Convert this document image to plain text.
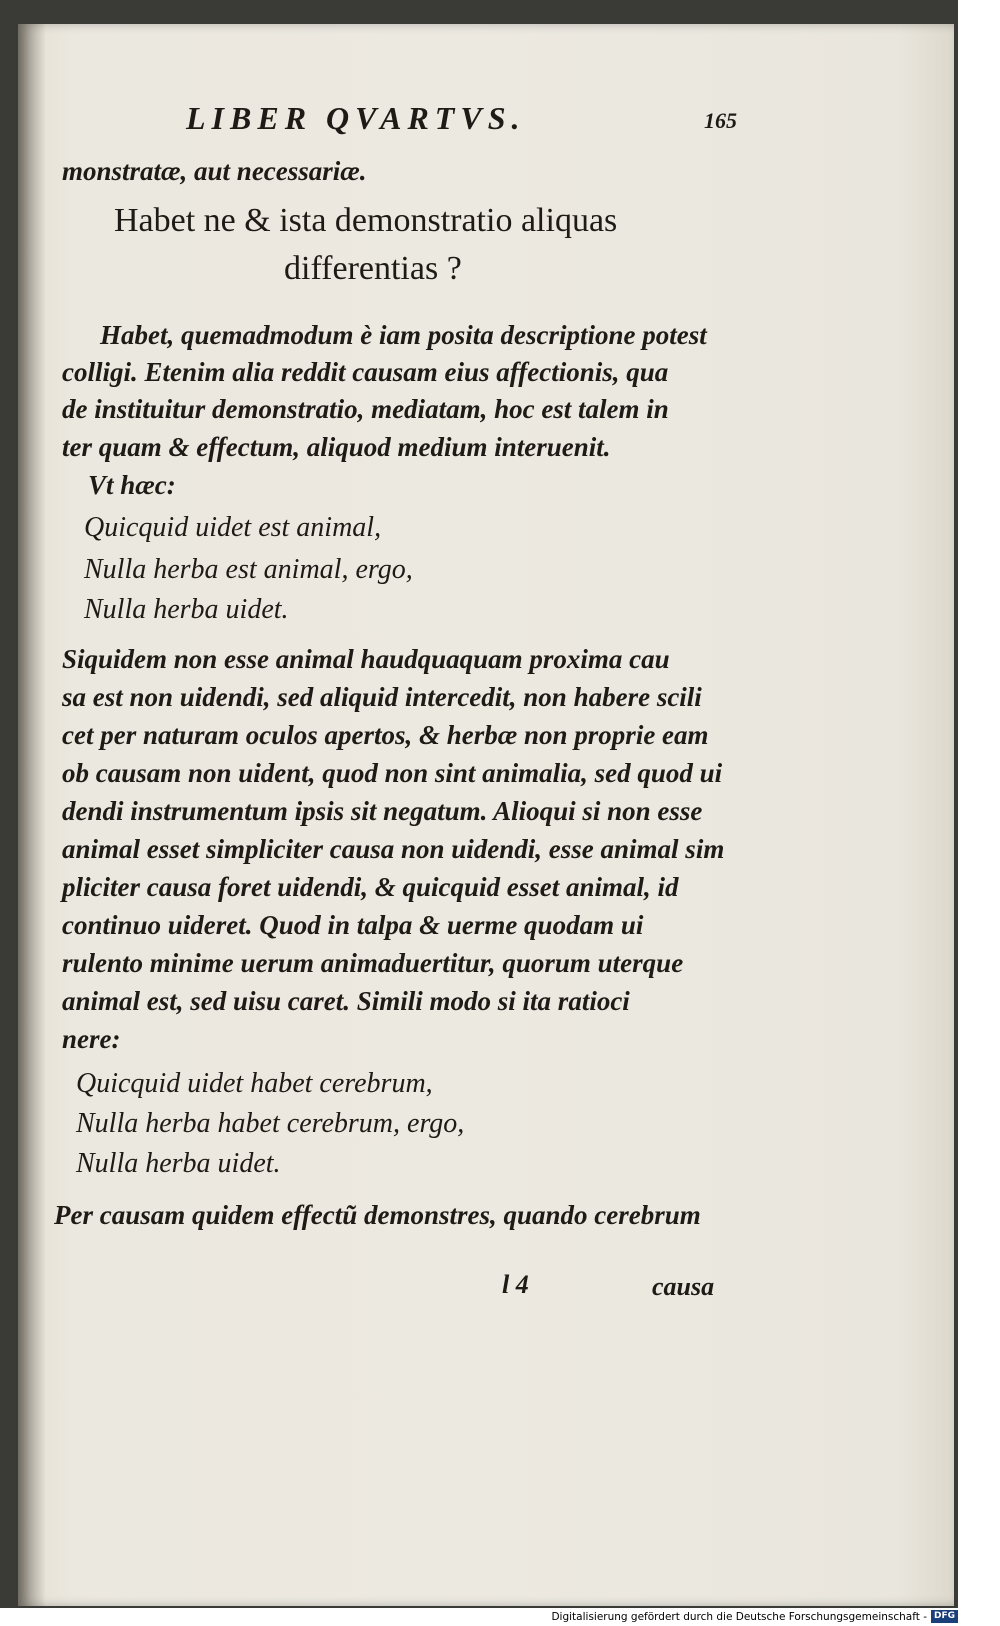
LIBER QVARTVS.	165
monstratæ, aut necessariæ.
Habet ne & ista demonstratio aliquas
differentias ?
Habet, quemadmodum è iam posita descriptione potest
colligi. Etenim alia reddit causam eius affectionis, qua
de instituitur demonstratio, mediatam, hoc est talem in
ter quam & effectum, aliquod medium interuenit.
Vt hæc:
Quicquid uidet est animal,
Nulla herba est animal, ergo,
Nulla herba uidet.
Siquidem non esse animal haudquaquam proxima cau
sa est non uidendi, sed aliquid intercedit, non habere scili
cet per naturam oculos apertos, & herbæ non proprie eam
ob causam non uident, quod non sint animalia, sed quod ui
dendi instrumentum ipsis sit negatum. Alioqui si non esse
animal esset simpliciter causa non uidendi, esse animal sim
pliciter causa foret uidendi, & quicquid esset animal, id
continuo uideret. Quod in talpa & uerme quodam ui
rulento minime uerum animaduertitur, quorum uterque
animal est, sed uisu caret. Simili modo si ita ratioci
nere:
Quicquid uidet habet cerebrum,
Nulla herba habet cerebrum, ergo,
Nulla herba uidet.
Per causam quidem effectũ demonstres, quando cerebrum
l 4	causa
Digitalisierung gefördert durch die Deutsche Forschungsgemeinschaft - DFG
